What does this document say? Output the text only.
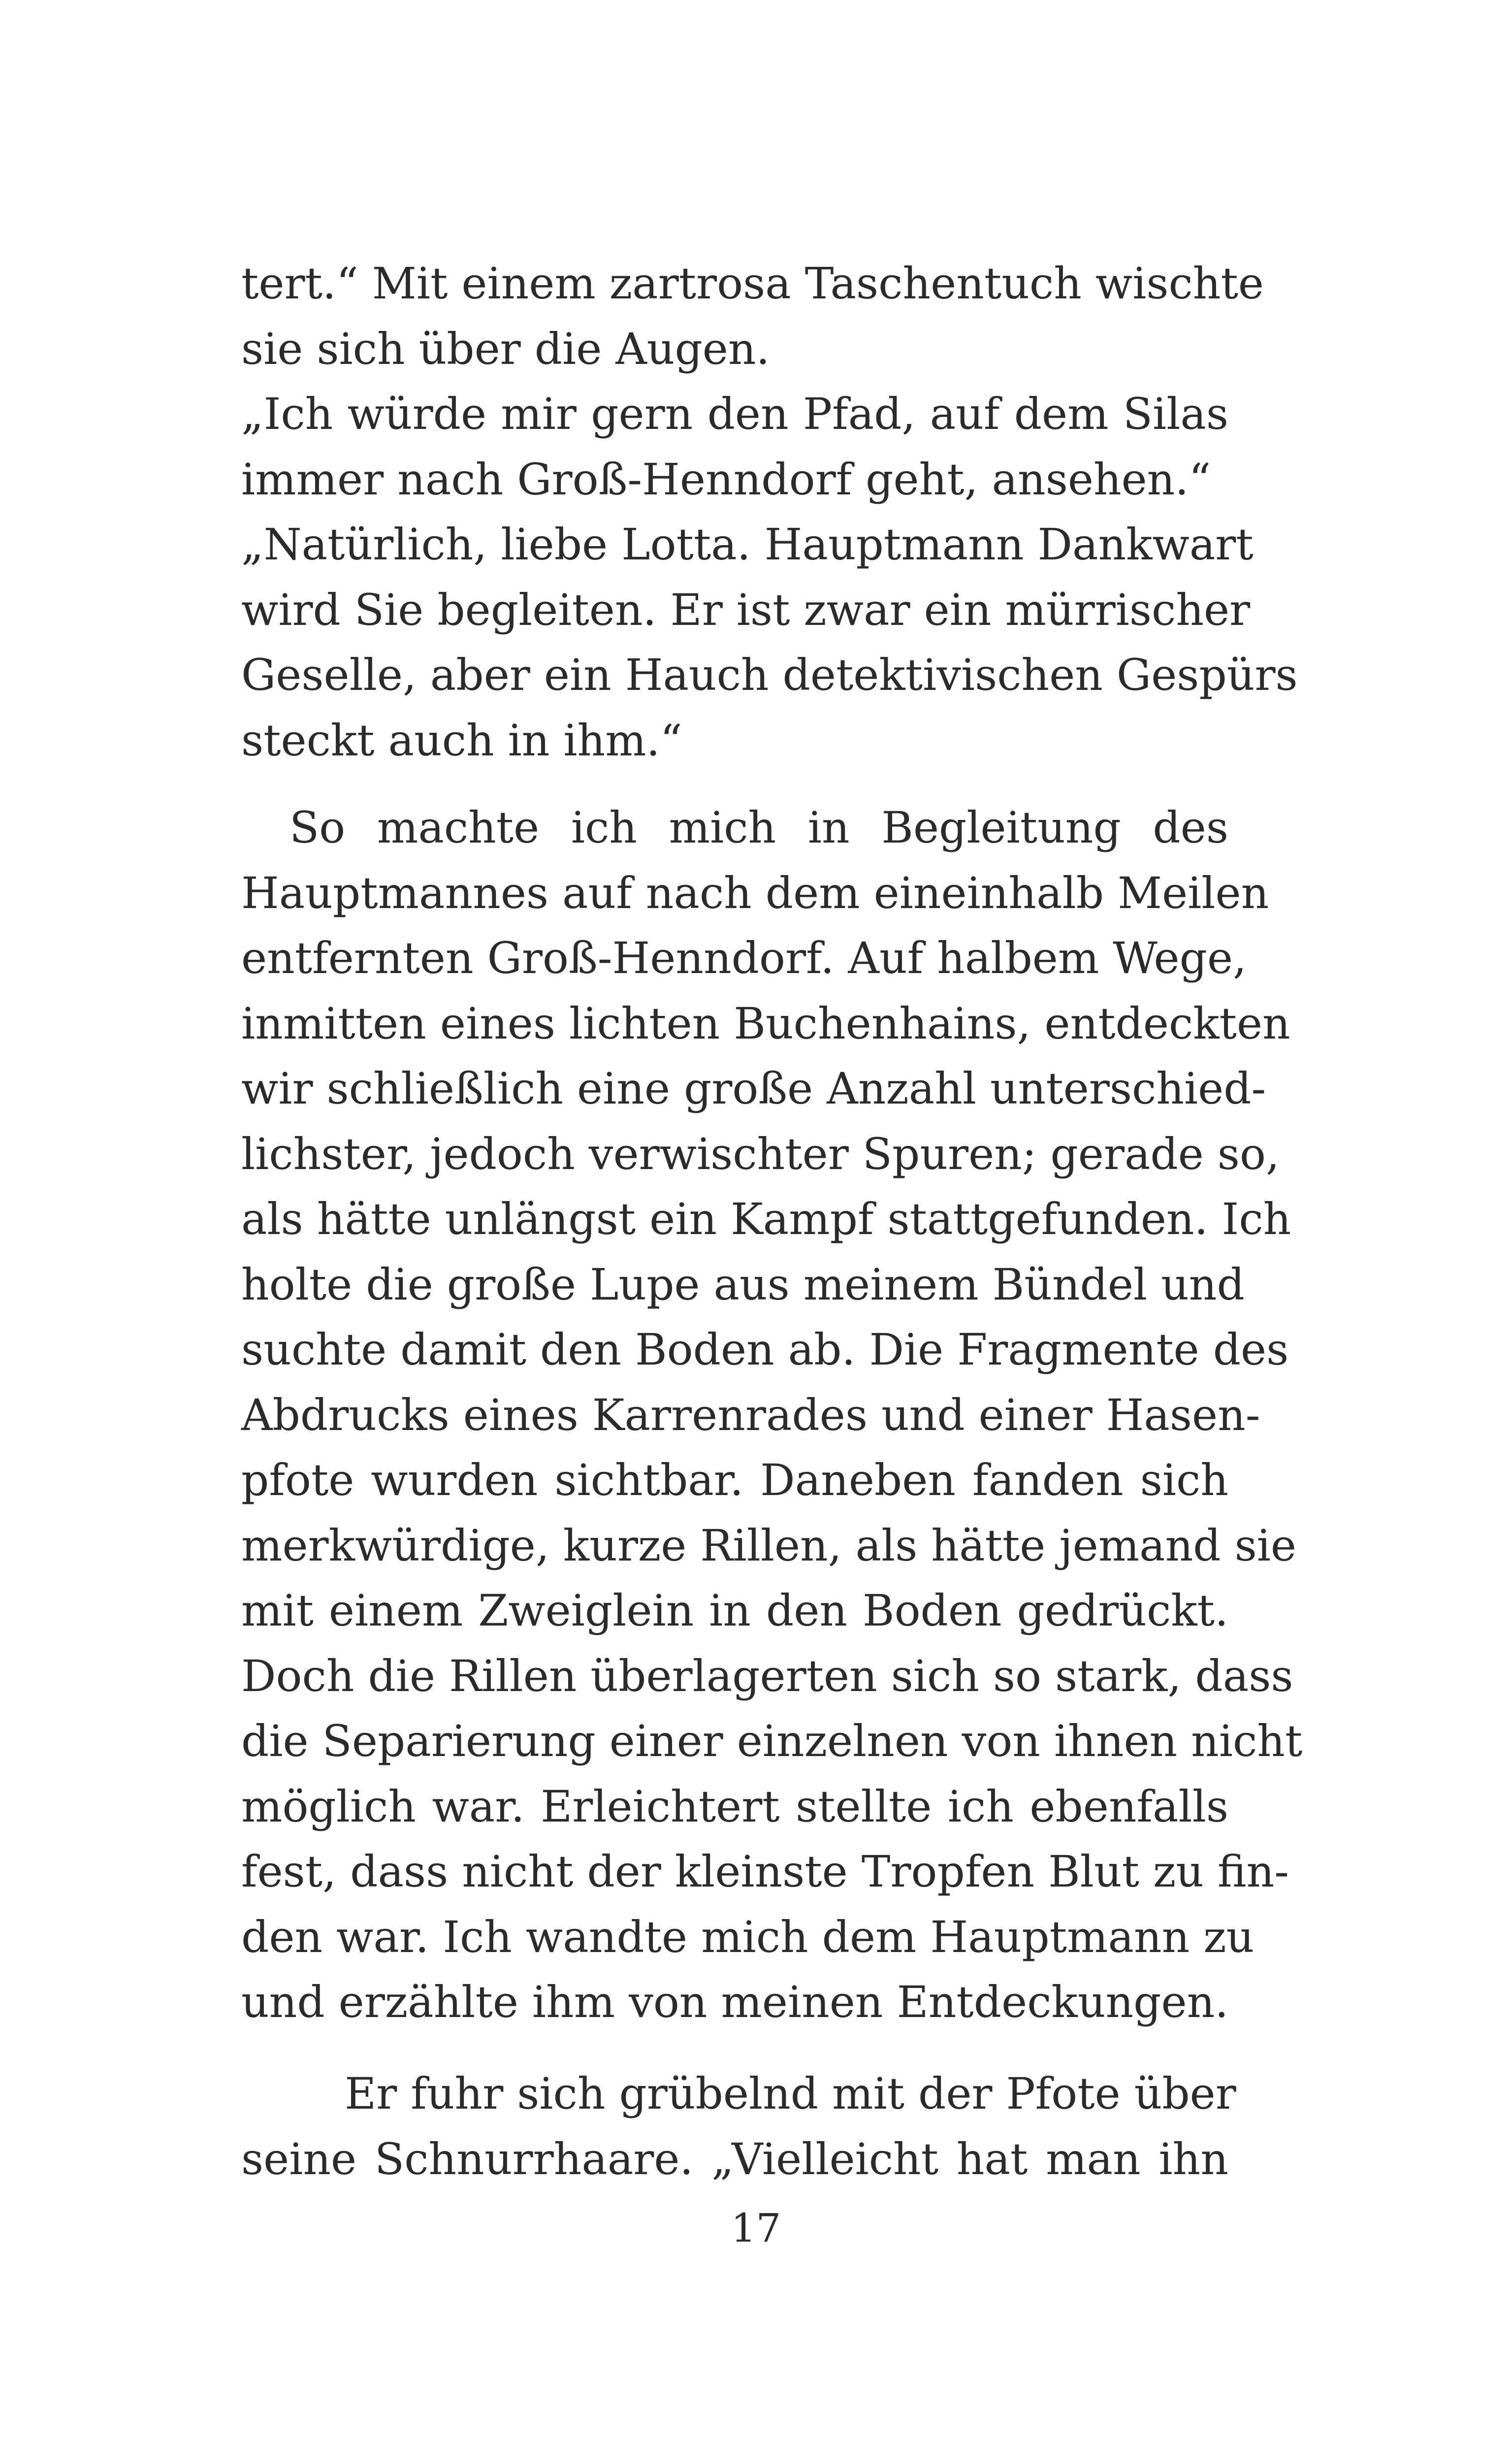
tert.“ Mit einem zartrosa Taschentuch wischte
sie sich über die Augen.
„Ich würde mir gern den Pfad, auf dem Silas
immer nach Groß-Henndorf geht, ansehen.“
„Natürlich, liebe Lotta. Hauptmann Dankwart
wird Sie begleiten. Er ist zwar ein mürrischer
Geselle, aber ein Hauch detektivischen Gespürs
steckt auch in ihm.“
So machte ich mich in Begleitung des
Hauptmannes auf nach dem eineinhalb Meilen
entfernten Groß-Henndorf. Auf halbem Wege,
inmitten eines lichten Buchenhains, entdeckten
wir schließlich eine große Anzahl unterschied-
lichster, jedoch verwischter Spuren; gerade so,
als hätte unlängst ein Kampf stattgefunden. Ich
holte die große Lupe aus meinem Bündel und
suchte damit den Boden ab. Die Fragmente des
Abdrucks eines Karrenrades und einer Hasen-
pfote wurden sichtbar. Daneben fanden sich
merkwürdige, kurze Rillen, als hätte jemand sie
mit einem Zweiglein in den Boden gedrückt.
Doch die Rillen überlagerten sich so stark, dass
die Separierung einer einzelnen von ihnen nicht
möglich war. Erleichtert stellte ich ebenfalls
fest, dass nicht der kleinste Tropfen Blut zu fin-
den war. Ich wandte mich dem Hauptmann zu
und erzählte ihm von meinen Entdeckungen.
Er fuhr sich grübelnd mit der Pfote über
seine Schnurrhaare. „Vielleicht hat man ihn
17
